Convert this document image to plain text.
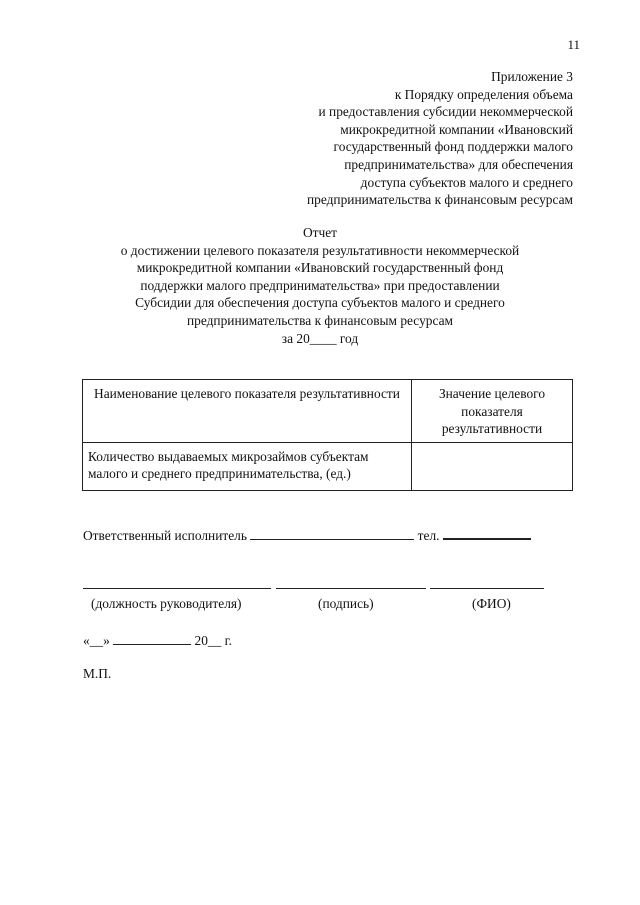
11
Приложение 3
к Порядку определения объема
и предоставления субсидии некоммерческой
микрокредитной компании «Ивановский
государственный фонд поддержки малого
предпринимательства» для обеспечения
доступа субъектов малого и среднего
предпринимательства к финансовым ресурсам
Отчет
о достижении целевого показателя результативности некоммерческой
микрокредитной компании «Ивановский государственный фонд
поддержки малого предпринимательства» при предоставлении
Субсидии для обеспечения доступа субъектов малого и среднего
предпринимательства к финансовым ресурсам
за 20____ год
Наименование целевого показателя результативности	Значение целевого показателя результативности
Количество выдаваемых микрозаймов субъектам малого и среднего предпринимательства, (ед.)	
Ответственный исполнитель	тел.
(должность руководителя)	(подпись)	(ФИО)
«__»	20__ г.
М.П.
